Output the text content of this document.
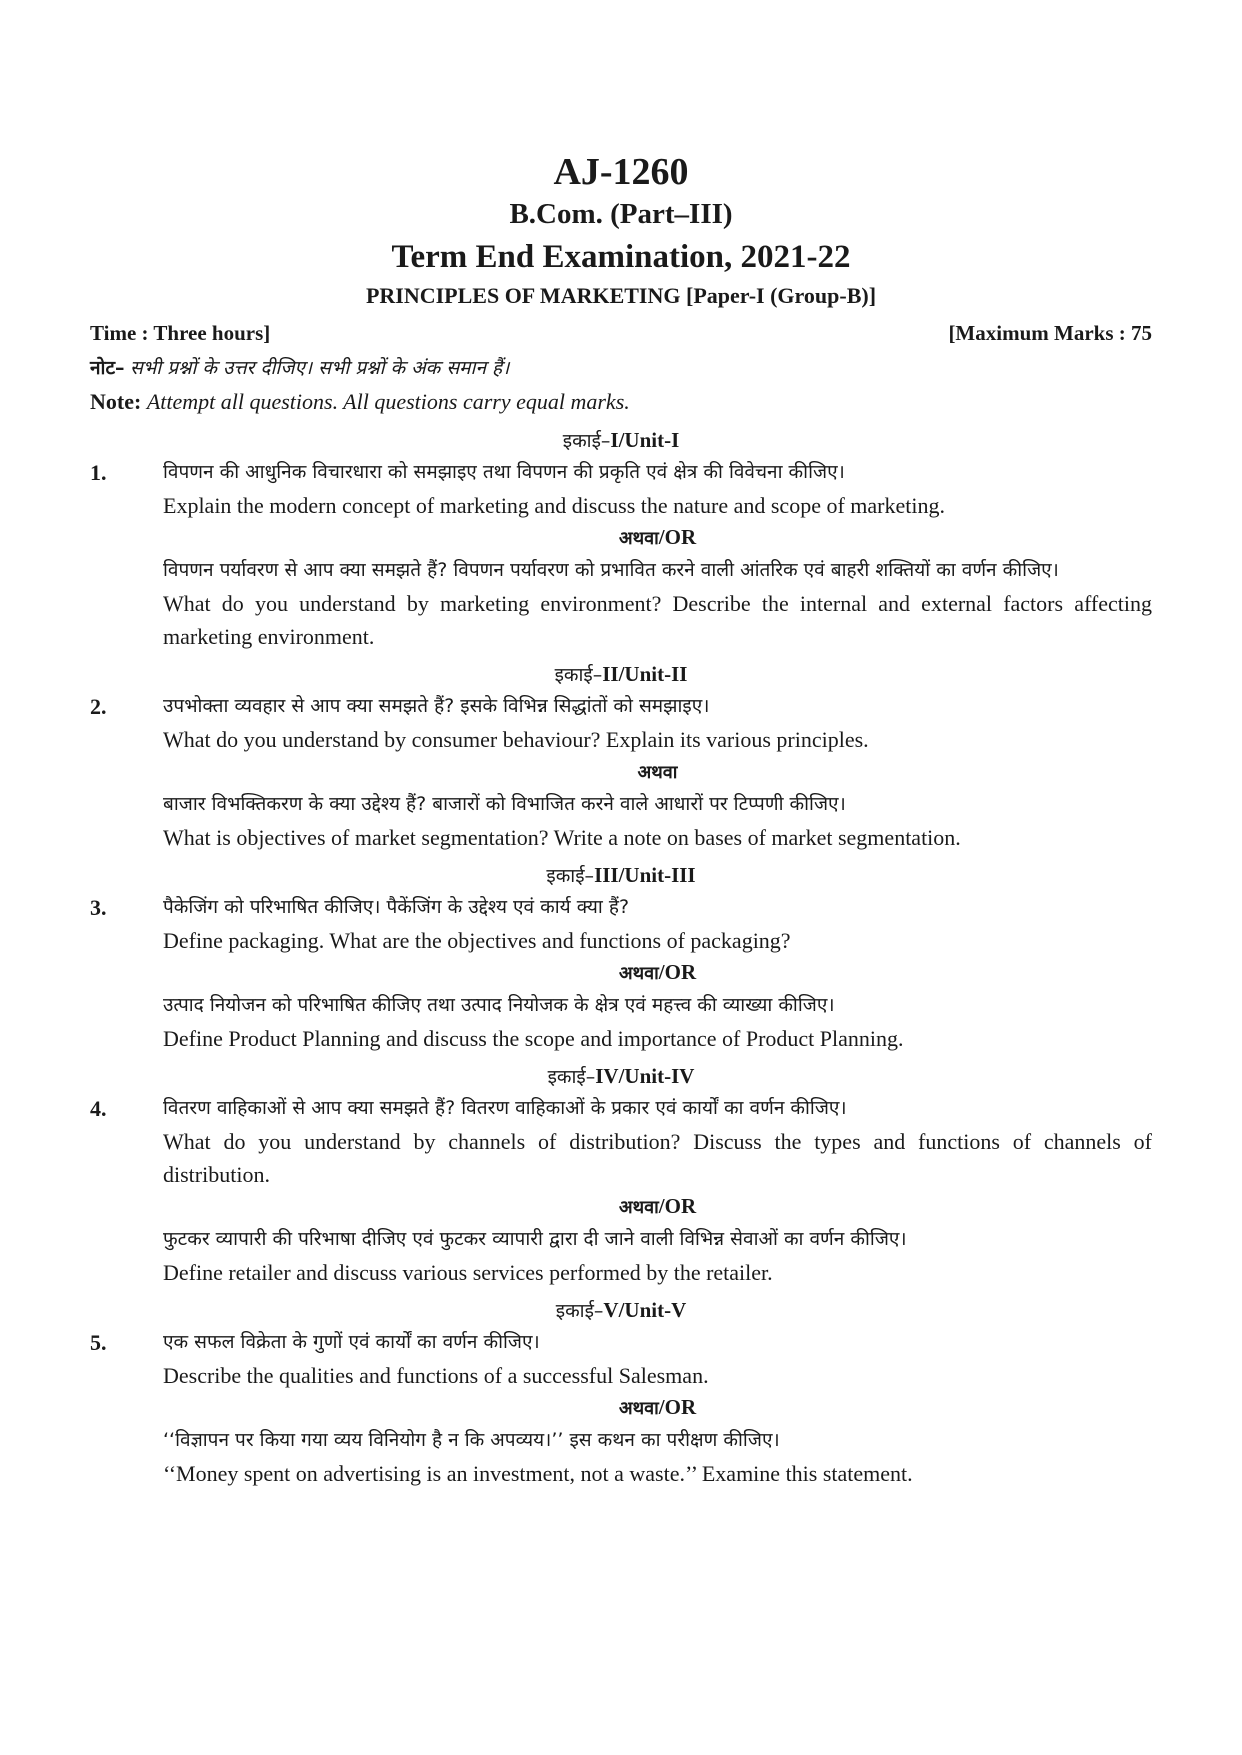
AJ-1260

B.Com. (Part–III)

Term End Examination, 2021-22

PRINCIPLES OF MARKETING [Paper-I (Group-B)]

Time : Three hours]	[Maximum Marks : 75
नोट– सभी प्रश्नों के उत्तर दीजिए। सभी प्रश्नों के अंक समान हैं।
Note: Attempt all questions. All questions carry equal marks.
इकाई–I/Unit-I
1.	विपणन की आधुनिक विचारधारा को समझाइए तथा विपणन की प्रकृति एवं क्षेत्र की विवेचना कीजिए।

Explain the modern concept of marketing and discuss the nature and scope of marketing.

अथवा/OR

विपणन पर्यावरण से आप क्या समझते हैं? विपणन पर्यावरण को प्रभावित करने वाली आंतरिक एवं बाहरी शक्तियों का वर्णन कीजिए।

What do you understand by marketing environment? Describe the internal and external factors affecting marketing environment.

इकाई–II/Unit-II
2.	उपभोक्ता व्यवहार से आप क्या समझते हैं? इसके विभिन्न सिद्धांतों को समझाइए।

What do you understand by consumer behaviour? Explain its various principles.

अथवा

बाजार विभक्तिकरण के क्या उद्देश्य हैं? बाजारों को विभाजित करने वाले आधारों पर टिप्पणी कीजिए।

What is objectives of market segmentation? Write a note on bases of market segmentation.

इकाई–III/Unit-III
3.	पैकेजिंग को परिभाषित कीजिए। पैकेंजिंग के उद्देश्य एवं कार्य क्या हैं?

Define packaging. What are the objectives and functions of packaging?

अथवा/OR

उत्पाद नियोजन को परिभाषित कीजिए तथा उत्पाद नियोजक के क्षेत्र एवं महत्त्व की व्याख्या कीजिए।

Define Product Planning and discuss the scope and importance of Product Planning.

इकाई–IV/Unit-IV
4.	वितरण वाहिकाओं से आप क्या समझते हैं? वितरण वाहिकाओं के प्रकार एवं कार्यों का वर्णन कीजिए।

What do you understand by channels of distribution? Discuss the types and functions of channels of distribution.

अथवा/OR

फुटकर व्यापारी की परिभाषा दीजिए एवं फुटकर व्यापारी द्वारा दी जाने वाली विभिन्न सेवाओं का वर्णन कीजिए।

Define retailer and discuss various services performed by the retailer.

इकाई–V/Unit-V
5.	एक सफल विक्रेता के गुणों एवं कार्यों का वर्णन कीजिए।

Describe the qualities and functions of a successful Salesman.

अथवा/OR

‘‘विज्ञापन पर किया गया व्यय विनियोग है न कि अपव्यय।’’ इस कथन का परीक्षण कीजिए।

‘‘Money spent on advertising is an investment, not a waste.’’ Examine this statement.
